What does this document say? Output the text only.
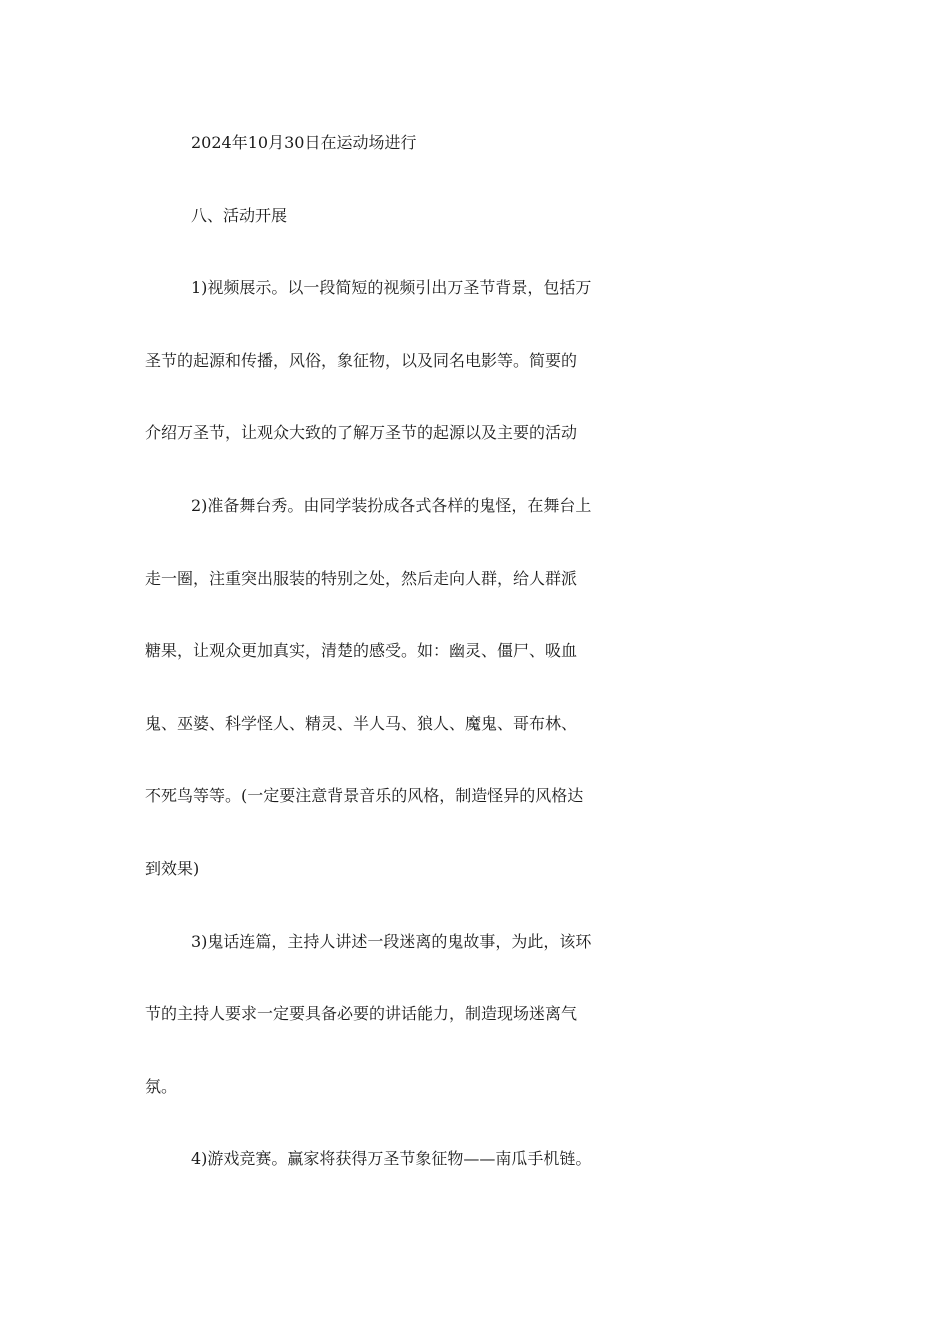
2024年10月30日在运动场进行
八、活动开展
1)视频展示。以一段简短的视频引出万圣节背景，包括万
圣节的起源和传播，风俗，象征物，以及同名电影等。简要的
介绍万圣节，让观众大致的了解万圣节的起源以及主要的活动
2)准备舞台秀。由同学装扮成各式各样的鬼怪，在舞台上
走一圈，注重突出服装的特别之处，然后走向人群，给人群派
糖果，让观众更加真实，清楚的感受。如：幽灵、僵尸、吸血
鬼、巫婆、科学怪人、精灵、半人马、狼人、魔鬼、哥布林、
不死鸟等等。(一定要注意背景音乐的风格，制造怪异的风格达
到效果)
3)鬼话连篇，主持人讲述一段迷离的鬼故事，为此，该环
节的主持人要求一定要具备必要的讲话能力，制造现场迷离气
氛。
4)游戏竞赛。赢家将获得万圣节象征物——南瓜手机链。
